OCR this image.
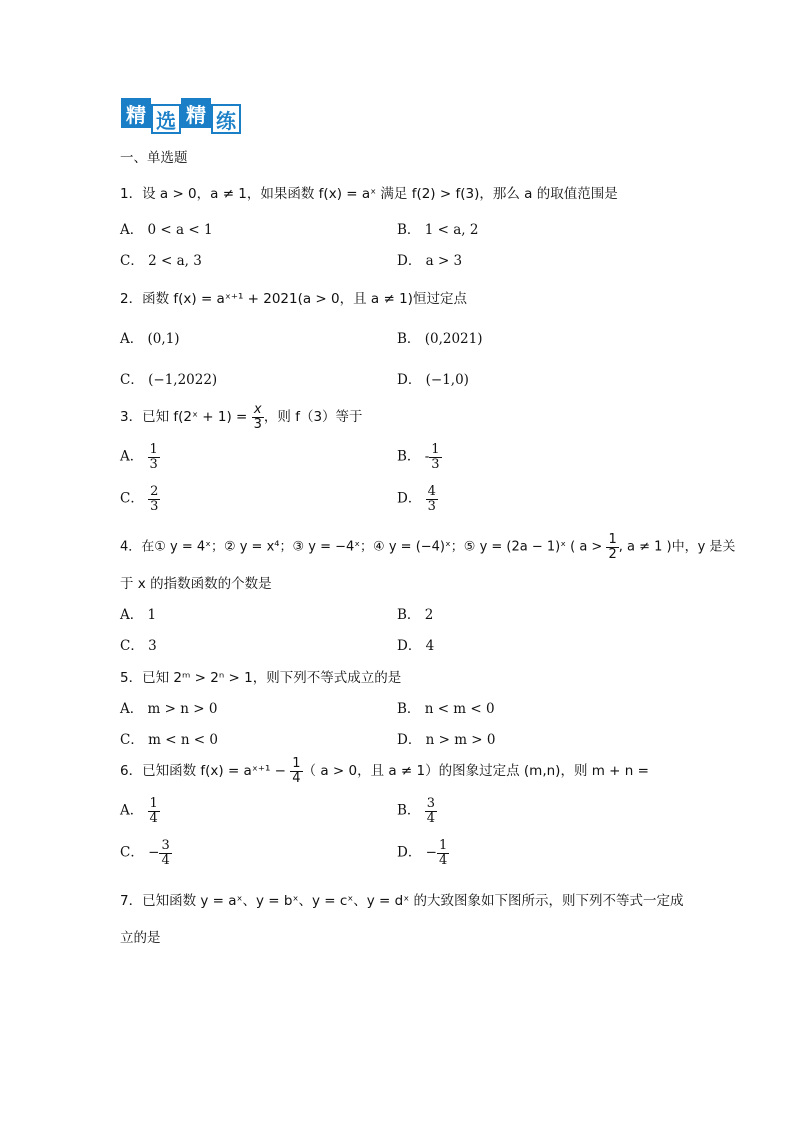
精 选 精 练
一、单选题
1．设 a > 0，a ≠ 1，如果函数 f(x) = aˣ 满足 f(2) > f(3)，那么 a 的取值范围是
A． 0 < a < 1	B． 1 < a, 2
C． 2 < a, 3	D． a > 3
2．函数 f(x) = aˣ⁺¹ + 2021(a > 0，且 a ≠ 1)恒过定点
A． (0,1)	B． (0,2021)
C． (−1,2022)	D． (−1,0)
3．已知 f(2ˣ + $1) = \frac{x}{3}$ ，则 f（3）等于
A． $\frac{1}{3}$	B． - $\frac{1}{3}$
C． $\frac{2}{3}$	D． $\frac{4}{3}$
4．在① y = 4ˣ；② y = x⁴；③ y = −4ˣ；④ y = (−4)ˣ；⑤ y = (2a − 1)ˣ ( $a > \frac{1}{2}$ , a ≠ 1 )中，y 是关
于 x 的指数函数的个数是
A． 1	B． 2
C． 3	D． 4
5．已知 2ᵐ > 2ⁿ > 1，则下列不等式成立的是
A． m > n > 0	B． n < m < 0
C． m < n < 0	D． n > m > 0
6．已知函数 f(x) = aˣ⁺¹ − $\frac{1}{4}$ （ a > 0，且 a ≠ 1）的图象过定点 (m,n)，则 m + n =
A． $\frac{1}{4}$	B． $\frac{3}{4}$
C． − $\frac{3}{4}$	D． − $\frac{1}{4}$
7．已知函数 y = aˣ、y = bˣ、y = cˣ、y = dˣ 的大致图象如下图所示，则下列不等式一定成
立的是
